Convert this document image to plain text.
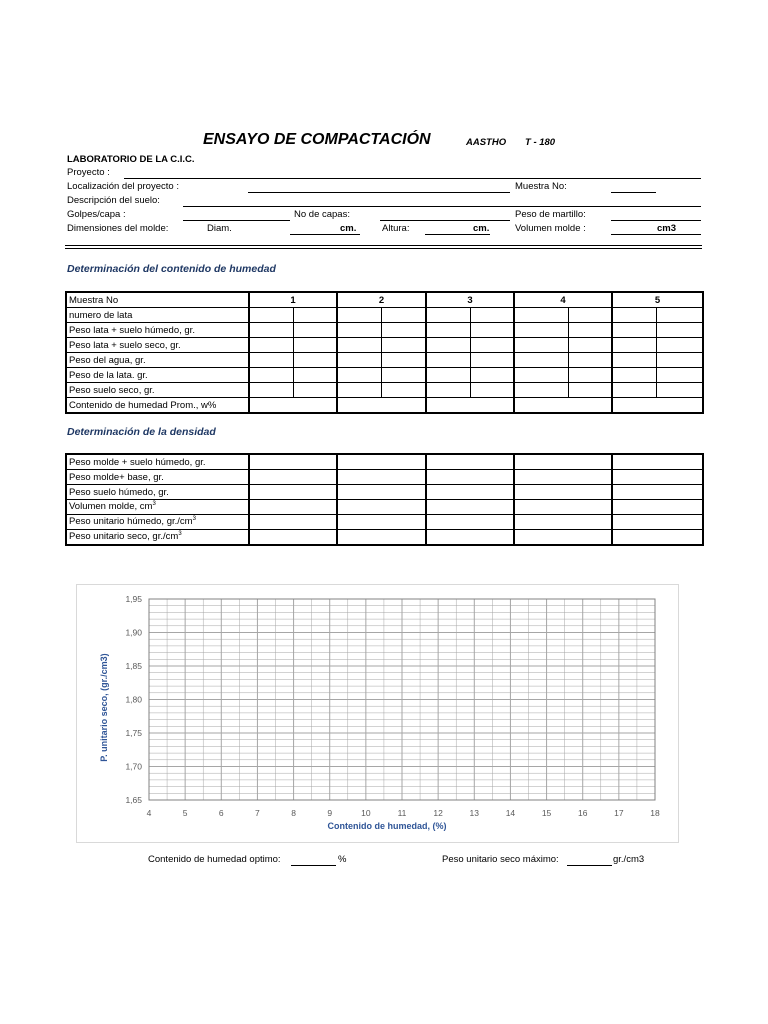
ENSAYO DE COMPACTACIÓN	AASTHO T - 180
LABORATORIO DE LA C.I.C.
Proyecto :
Localización del proyecto :	Muestra No:
Descripción del suelo:
Golpes/capa :	No de capas:	Peso de martillo:
Dimensiones del molde:	Diam.	cm.	Altura:	cm.	Volumen molde :	cm3
Determinación del contenido de humedad
Muestra No	1		2		3		4		5	
numero de lata										
Peso lata + suelo húmedo, gr.										
Peso lata + suelo seco, gr.										
Peso del agua, gr.										
Peso de la lata. gr.										
Peso suelo seco, gr.										
Contenido de humedad Prom., w%										
Determinación de la densidad
Peso molde + suelo húmedo, gr.					
Peso molde+ base, gr.					
Peso suelo húmedo, gr.					
Volumen molde, $cm^3$					
Peso unitario húmedo, $gr./cm^3$					
Peso unitario seco, $gr./cm^3$					
4	5	6	7	8	9	10	11	12	13	14	15	16	17	18
1,65
1,70
1,75
1,80
1,85
1,90
1,95
Contenido de humedad, (%)
P. unitario seco, (gr./cm3)
Contenido de humedad optimo:	%	Peso unitario seco máximo:	gr./cm3
